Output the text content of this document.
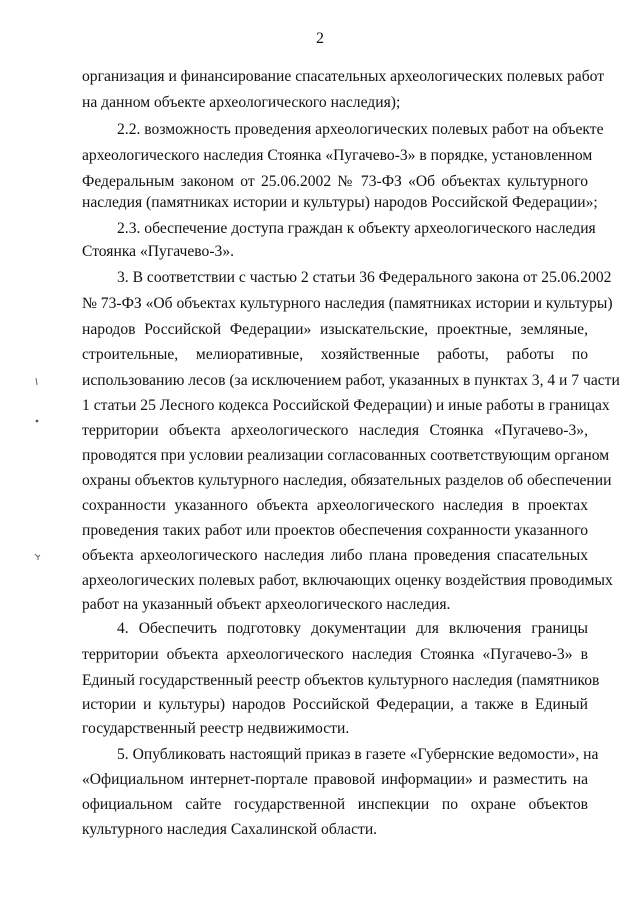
2
организация и финансирование спасательных археологических полевых работ
на данном объекте археологического наследия);
2.2. возможность проведения археологических полевых работ на объекте
археологического наследия Стоянка «Пугачево-3» в порядке, установленном
Федеральным законом от 25.06.2002 № 73-ФЗ «Об объектах культурного
наследия (памятниках истории и культуры) народов Российской Федерации»;
2.3. обеспечение доступа граждан к объекту археологического наследия
Стоянка «Пугачево-3».
3. В соответствии с частью 2 статьи 36 Федерального закона от 25.06.2002
№ 73-ФЗ «Об объектах культурного наследия (памятниках истории и культуры)
народов Российской Федерации» изыскательские, проектные, земляные,
строительные, мелиоративные, хозяйственные работы, работы по
использованию лесов (за исключением работ, указанных в пунктах 3, 4 и 7 части
1 статьи 25 Лесного кодекса Российской Федерации) и иные работы в границах
территории объекта археологического наследия Стоянка «Пугачево-3»,
проводятся при условии реализации согласованных соответствующим органом
охраны объектов культурного наследия, обязательных разделов об обеспечении
сохранности указанного объекта археологического наследия в проектах
проведения таких работ или проектов обеспечения сохранности указанного
объекта археологического наследия либо плана проведения спасательных
археологических полевых работ, включающих оценку воздействия проводимых
работ на указанный объект археологического наследия.
4. Обеспечить подготовку документации для включения границы
территории объекта археологического наследия Стоянка «Пугачево-3» в
Единый государственный реестр объектов культурного наследия (памятников
истории и культуры) народов Российской Федерации, а также в Единый
государственный реестр недвижимости.
5. Опубликовать настоящий приказ в газете «Губернские ведомости», на
«Официальном интернет-портале правовой информации» и разместить на
официальном сайте государственной инспекции по охране объектов
культурного наследия Сахалинской области.
